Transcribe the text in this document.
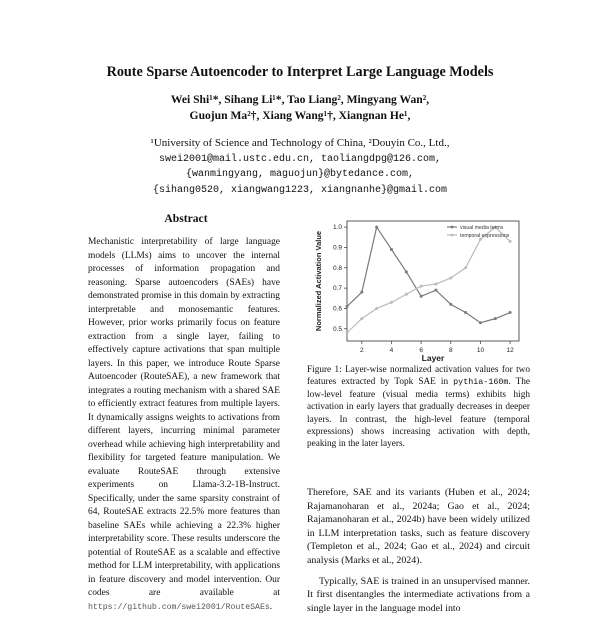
Route Sparse Autoencoder to Interpret Large Language Models
Wei Shi¹*, Sihang Li¹*, Tao Liang², Mingyang Wan²,
Guojun Ma²†, Xiang Wang¹†, Xiangnan He¹,
¹University of Science and Technology of China, ²Douyin Co., Ltd.,
swei2001@mail.ustc.edu.cn, taoliangdpg@126.com,
{wanmingyang, maguojun}@bytedance.com,
{sihang0520, xiangwang1223, xiangnanhe}@gmail.com
Abstract
Mechanistic interpretability of large language models (LLMs) aims to uncover the internal processes of information propagation and reasoning. Sparse autoencoders (SAEs) have demonstrated promise in this domain by extracting interpretable and monosemantic features. However, prior works primarily focus on feature extraction from a single layer, failing to effectively capture activations that span multiple layers. In this paper, we introduce Route Sparse Autoencoder (RouteSAE), a new framework that integrates a routing mechanism with a shared SAE to efficiently extract features from multiple layers. It dynamically assigns weights to activations from different layers, incurring minimal parameter overhead while achieving high interpretability and flexibility for targeted feature manipulation. We evaluate RouteSAE through extensive experiments on Llama-3.2-1B-Instruct. Specifically, under the same sparsity constraint of 64, RouteSAE extracts 22.5% more features than baseline SAEs while achieving a 22.3% higher interpretability score. These results underscore the potential of RouteSAE as a scalable and effective method for LLM interpretability, with applications in feature discovery and model intervention. Our codes are available at https://github.com/swei2001/RouteSAEs.
2	4	6	8	10	12
0.5
0.6
0.7
0.8
0.9
1.0
Layer
Normalized Activation Value
visual media terms
temporal expressions
Figure 1: Layer-wise normalized activation values for two features extracted by Topk SAE in pythia-160m. The low-level feature (visual media terms) exhibits high activation in early layers that gradually decreases in deeper layers. In contrast, the high-level feature (temporal expressions) shows increasing activation with depth, peaking in the later layers.

Therefore, SAE and its variants (Huben et al., 2024; Rajamanoharan et al., 2024a; Gao et al., 2024; Rajamanoharan et al., 2024b) have been widely utilized in LLM interpretation tasks, such as feature discovery (Templeton et al., 2024; Gao et al., 2024) and circuit analysis (Marks et al., 2024).

Typically, SAE is trained in an unsupervised manner. It first disentangles the intermediate activations from a single layer in the language model into
